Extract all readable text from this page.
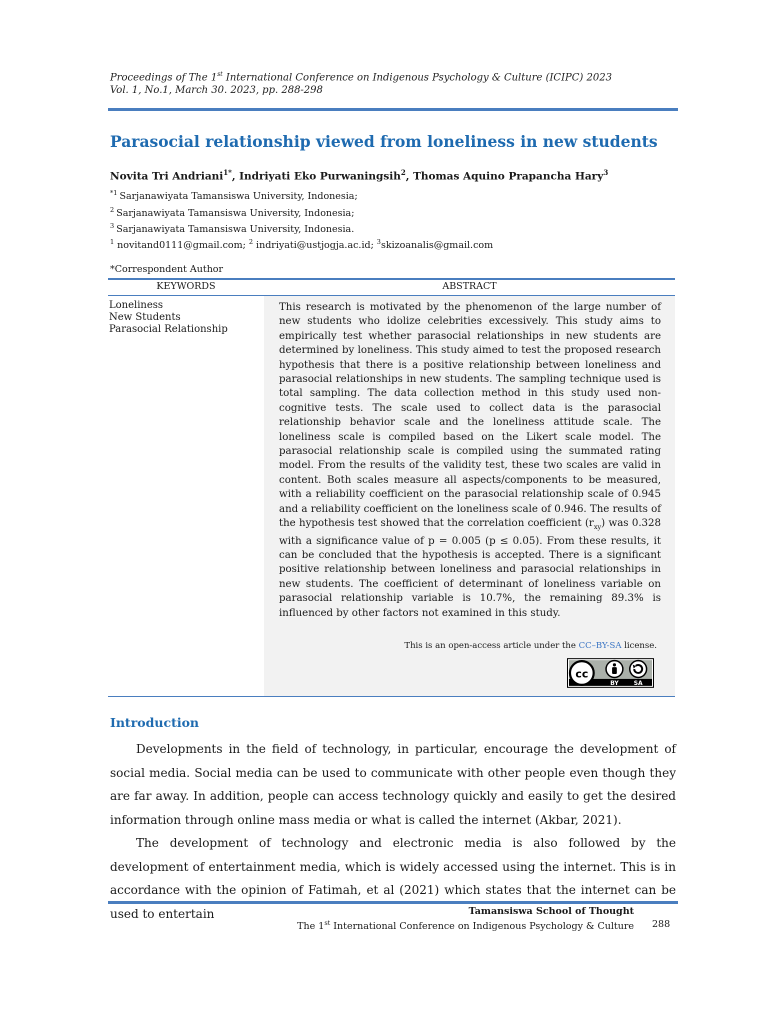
Proceedings of The 1st International Conference on Indigenous Psychology & Culture (ICIPC) 2023
Vol. 1, No.1, March 30. 2023, pp. 288-298
Parasocial relationship viewed from loneliness in new students
Novita Tri Andriani$^{1*}$, Indriyati Eko Purwaningsih$^2$, Thomas Aquino Prapancha Hary$^3$
$^{*1}$ Sarjanawiyata Tamansiswa University, Indonesia;
$^2$ Sarjanawiyata Tamansiswa University, Indonesia;
$^3$ Sarjanawiyata Tamansiswa University, Indonesia.
$^1$ novitand0111@gmail.com; $^2$ indriyati@ustjogja.ac.id; $^3$skizoanalis@gmail.com
*Correspondent Author
KEYWORDS	ABSTRACT
Loneliness
New Students
Parasocial Relationship

This research is motivated by the phenomenon of the large number of new students who idolize celebrities excessively. This study aims to empirically test whether parasocial relationships in new students are determined by loneliness. This study aimed to test the proposed research hypothesis that there is a positive relationship between loneliness and parasocial relationships in new students. The sampling technique used is total sampling. The data collection method in this study used non-cognitive tests. The scale used to collect data is the parasocial relationship behavior scale and the loneliness attitude scale. The loneliness scale is compiled based on the Likert scale model. The parasocial relationship scale is compiled using the summated rating model. From the results of the validity test, these two scales are valid in content. Both scales measure all aspects/components to be measured, with a reliability coefficient on the parasocial relationship scale of 0.945 and a reliability coefficient on the loneliness scale of 0.946. The results of the hypothesis test showed that the correlation coefficient $(r_{xy})$ was 0.328 with a significance value of p = 0.005 (p ≤ 0.05). From these results, it can be concluded that the hypothesis is accepted. There is a significant positive relationship between loneliness and parasocial relationships in new students. The coefficient of determinant of loneliness variable on parasocial relationship variable is 10.7%, the remaining 89.3% is influenced by other factors not examined in this study.

This is an open-access article under the CC–BY-SA license.
cc
BY	SA
Introduction

Developments in the field of technology, in particular, encourage the development of social media. Social media can be used to communicate with other people even though they are far away. In addition, people can access technology quickly and easily to get the desired information through online mass media or what is called the internet (Akbar, 2021).

The development of technology and electronic media is also followed by the development of entertainment media, which is widely accessed using the internet. This is in accordance with the opinion of Fatimah, et al (2021) which states that the internet can be used to entertain	Tamansiswa School of Thought
The 1st International Conference on Indigenous Psychology & Culture 288
